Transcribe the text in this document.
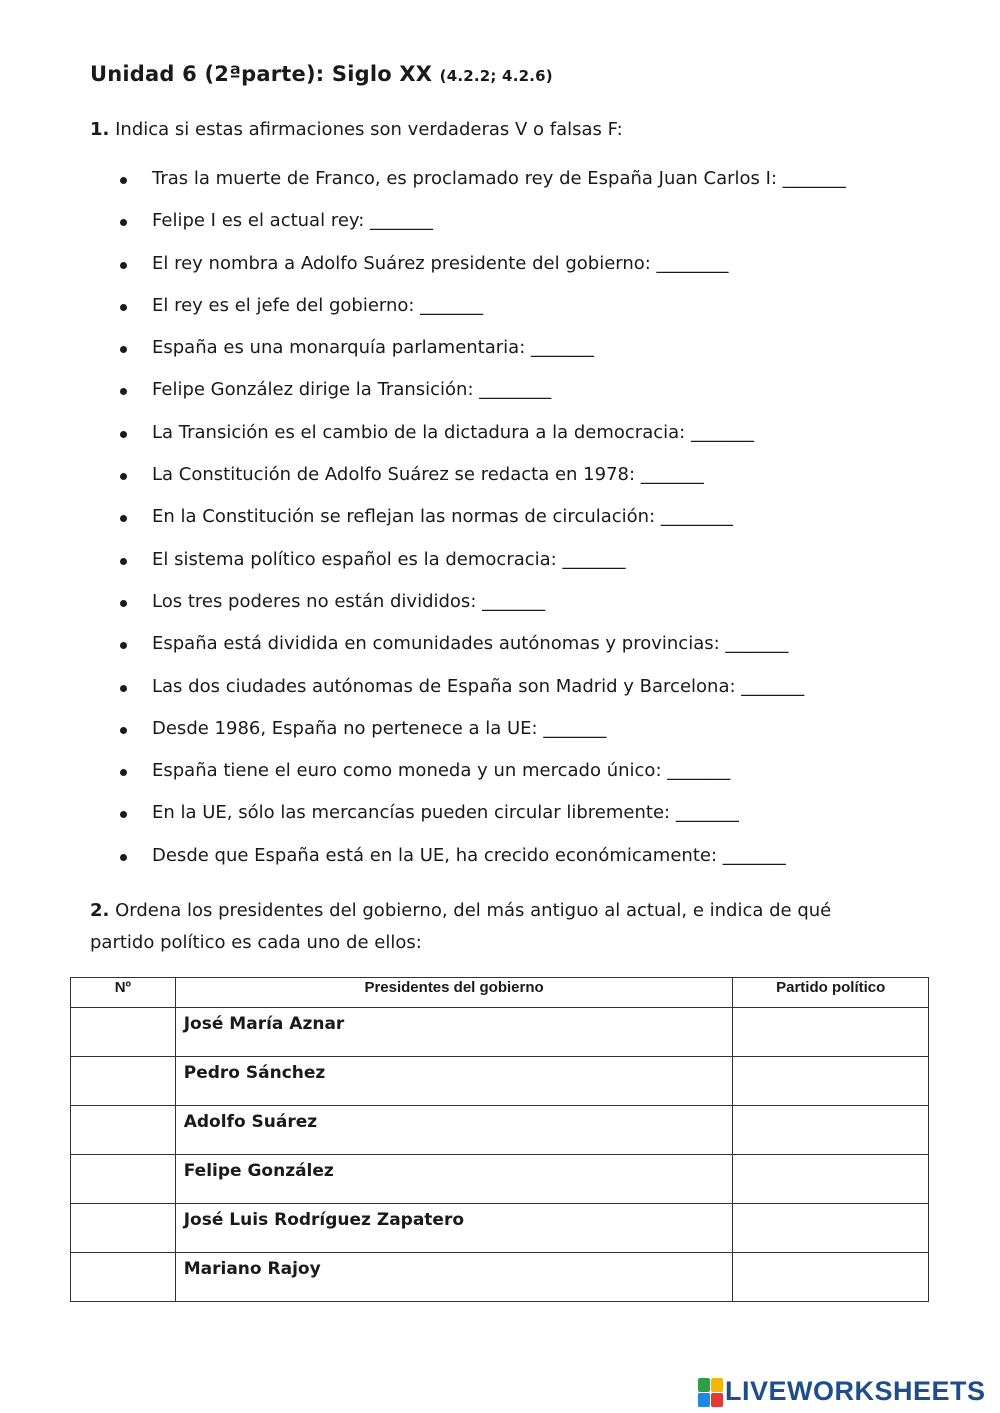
Unidad 6 (2ªparte): Siglo XX (4.2.2; 4.2.6)
1. Indica si estas afirmaciones son verdaderas V o falsas F:
Tras la muerte de Franco, es proclamado rey de España Juan Carlos I: _______
Felipe I es el actual rey: _______
El rey nombra a Adolfo Suárez presidente del gobierno: ________
El rey es el jefe del gobierno: _______
España es una monarquía parlamentaria: _______
Felipe González dirige la Transición: ________
La Transición es el cambio de la dictadura a la democracia: _______
La Constitución de Adolfo Suárez se redacta en 1978: _______
En la Constitución se reflejan las normas de circulación: ________
El sistema político español es la democracia: _______
Los tres poderes no están divididos: _______
España está dividida en comunidades autónomas y provincias: _______
Las dos ciudades autónomas de España son Madrid y Barcelona: _______
Desde 1986, España no pertenece a la UE: _______
España tiene el euro como moneda y un mercado único: _______
En la UE, sólo las mercancías pueden circular libremente: _______
Desde que España está en la UE, ha crecido económicamente: _______
2. Ordena los presidentes del gobierno, del más antiguo al actual, e indica de qué partido político es cada uno de ellos:
Nº	Presidentes del gobierno	Partido político
	José María Aznar	
	Pedro Sánchez	
	Adolfo Suárez	
	Felipe González	
	José Luis Rodríguez Zapatero	
	Mariano Rajoy	
LIVEWORKSHEETS
